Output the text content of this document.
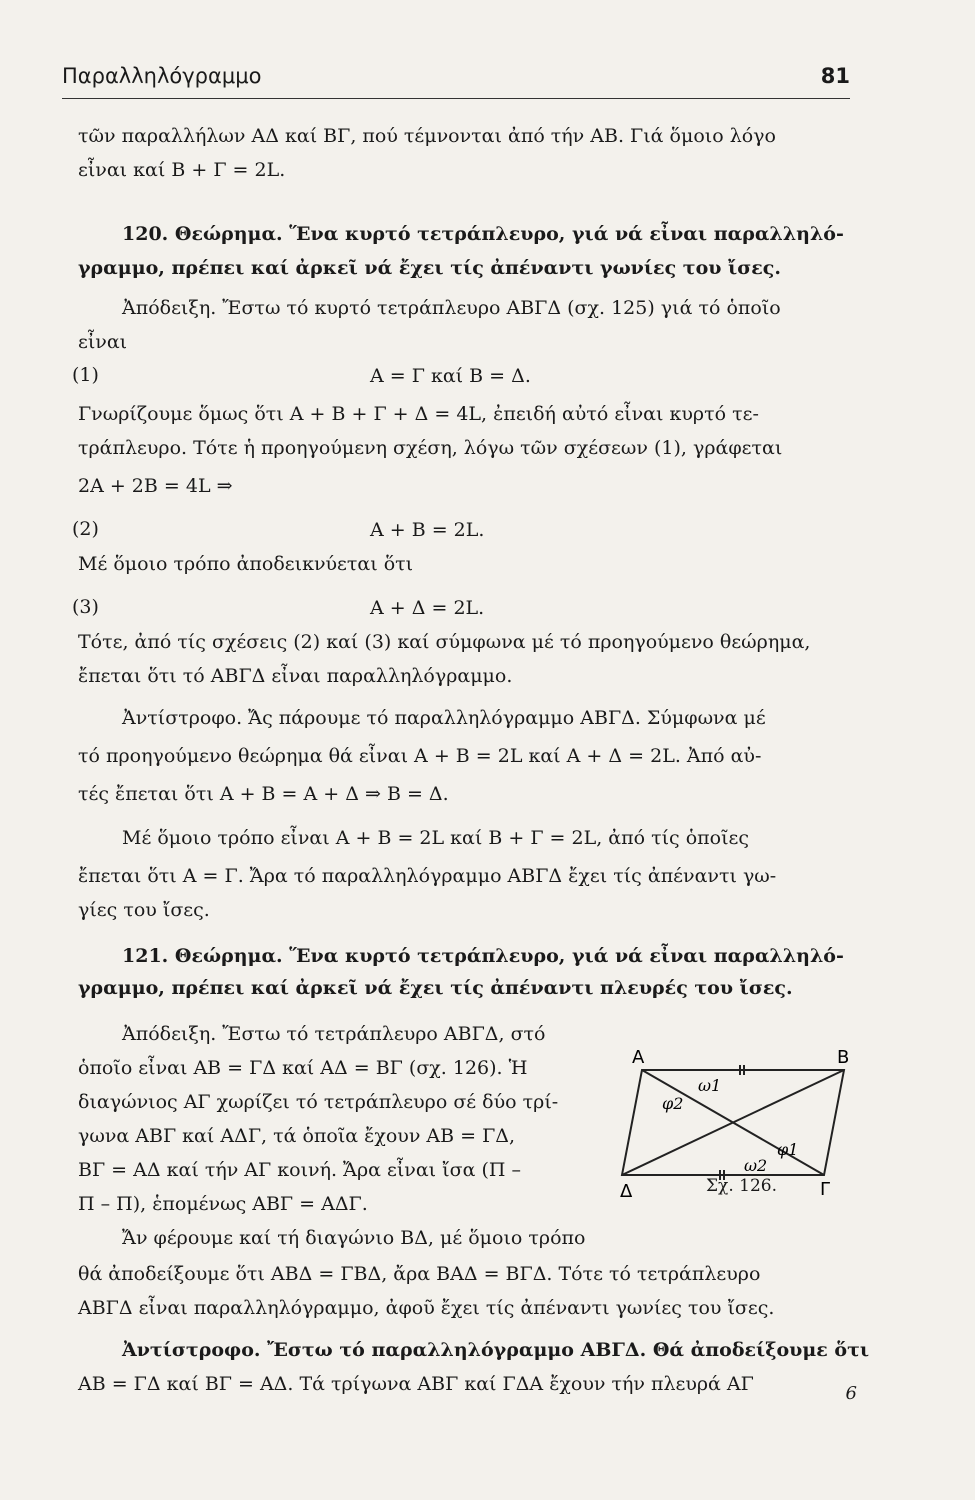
Παραλληλόγραμμο	81
τῶν παραλλήλων ΑΔ καί ΒΓ, πού τέμνονται ἀπό τήν ΑΒ. Γιά ὅμοιο λόγο
εἶναι καί Β + Γ = 2L.
120. Θεώρημα. Ἕνα κυρτό τετράπλευρο, γιά νά εἶναι παραλληλό-
γραμμο, πρέπει καί ἀρκεῖ νά ἔχει τίς ἀπέναντι γωνίες του ἴσες.
Ἀπόδειξη. Ἔστω τό κυρτό τετράπλευρο ΑΒΓΔ (σχ. 125) γιά τό ὁποῖο
εἶναι
(1)	Α = Γ καί Β = Δ.
Γνωρίζουμε ὅμως ὅτι Α + Β + Γ + Δ = 4L, ἐπειδή αὐτό εἶναι κυρτό τε-
τράπλευρο. Τότε ἡ προηγούμενη σχέση, λόγω τῶν σχέσεων (1), γράφεται
2Α + 2Β = 4L ⇒
(2)	Α + Β = 2L.
Μέ ὅμοιο τρόπο ἀποδεικνύεται ὅτι
(3)	Α + Δ = 2L.
Τότε, ἀπό τίς σχέσεις (2) καί (3) καί σύμφωνα μέ τό προηγούμενο θεώρημα,
ἔπεται ὅτι τό ΑΒΓΔ εἶναι παραλληλόγραμμο.
Ἀντίστροφο. Ἄς πάρουμε τό παραλληλόγραμμο ΑΒΓΔ. Σύμφωνα μέ
τό προηγούμενο θεώρημα θά εἶναι Α + Β = 2L καί Α + Δ = 2L. Ἀπό αὐ-
τές ἔπεται ὅτι Α + Β = Α + Δ ⇒ Β = Δ.
Μέ ὅμοιο τρόπο εἶναι Α + Β = 2L καί Β + Γ = 2L, ἀπό τίς ὁποῖες
ἔπεται ὅτι Α = Γ. Ἄρα τό παραλληλόγραμμο ΑΒΓΔ ἔχει τίς ἀπέναντι γω-
γίες του ἴσες.
121. Θεώρημα. Ἕνα κυρτό τετράπλευρο, γιά νά εἶναι παραλληλό-
γραμμο, πρέπει καί ἀρκεῖ νά ἔχει τίς ἀπέναντι πλευρές του ἴσες.
Ἀπόδειξη. Ἔστω τό τετράπλευρο ΑΒΓΔ, στό
ὁποῖο εἶναι ΑΒ = ΓΔ καί ΑΔ = ΒΓ (σχ. 126). Ἡ
διαγώνιος ΑΓ χωρίζει τό τετράπλευρο σέ δύο τρί-
γωνα ΑΒΓ καί ΑΔΓ, τά ὁποῖα ἔχουν ΑΒ = ΓΔ,
ΒΓ = ΑΔ καί τήν ΑΓ κοινή. Ἄρα εἶναι ἴσα (Π –
Π – Π), ἑπομένως ΑΒΓ = ΑΔΓ.
Ἄν φέρουμε καί τή διαγώνιο ΒΔ, μέ ὅμοιο τρόπο
θά ἀποδείξουμε ὅτι ΑΒΔ = ΓΒΔ, ἄρα ΒΑΔ = ΒΓΔ. Τότε τό τετράπλευρο
ΑΒΓΔ εἶναι παραλληλόγραμμο, ἀφοῦ ἔχει τίς ἀπέναντι γωνίες του ἴσες.
Ἀντίστροφο. Ἔστω τό παραλληλόγραμμο ΑΒΓΔ. Θά ἀποδείξουμε ὅτι
ΑΒ = ΓΔ καί ΒΓ = ΑΔ. Τά τρίγωνα ΑΒΓ καί ΓΔΑ ἔχουν τήν πλευρά ΑΓ
A	B
Γ
Δ
ω1
φ2
φ1
ω2
Σχ. 126.
6
